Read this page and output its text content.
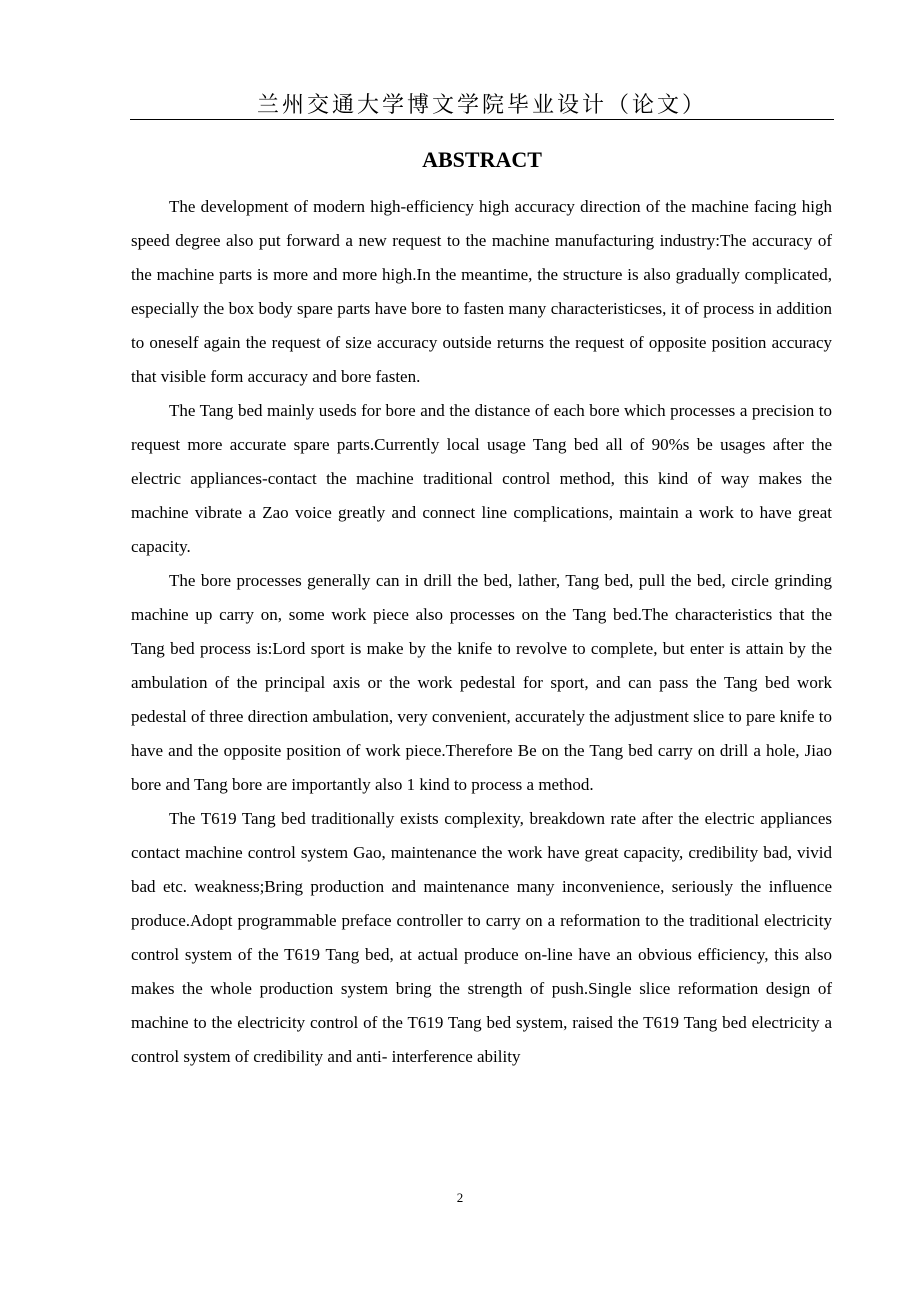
兰州交通大学博文学院毕业设计（论文）
ABSTRACT

The development of modern high-efficiency high accuracy direction of the machine facing high speed degree also put forward a new request to the machine manufacturing industry:The accuracy of the machine parts is more and more high.In the meantime, the structure is also gradually complicated, especially the box body spare parts have bore to fasten many characteristicses, it of process in addition to oneself again the request of size accuracy outside returns the request of opposite position accuracy that visible form accuracy and bore fasten.

The Tang bed mainly useds for bore and the distance of each bore which processes a precision to request more accurate spare parts.Currently local usage Tang bed all of 90%s be usages after the electric appliances-contact the machine traditional control method, this kind of way makes the machine vibrate a Zao voice greatly and connect line complications, maintain a work to have great capacity.

The bore processes generally can in drill the bed, lather, Tang bed, pull the bed, circle grinding machine up carry on, some work piece also processes on the Tang bed.The characteristics that the Tang bed process is:Lord sport is make by the knife to revolve to complete, but enter is attain by the ambulation of the principal axis or the work pedestal for sport, and can pass the Tang bed work pedestal of three direction ambulation, very convenient, accurately the adjustment slice to pare knife to have and the opposite position of work piece.Therefore Be on the Tang bed carry on drill a hole, Jiao bore and Tang bore are importantly also 1 kind to process a method.

The T619 Tang bed traditionally exists complexity, breakdown rate after the electric appliances contact machine control system Gao, maintenance the work have great capacity, credibility bad, vivid bad etc. weakness;Bring production and maintenance many inconvenience, seriously the influence produce.Adopt programmable preface controller to carry on a reformation to the traditional electricity control system of the T619 Tang bed, at actual produce on-line have an obvious efficiency, this also makes the whole production system bring the strength of push.Single slice reformation design of machine to the electricity control of the T619 Tang bed system, raised the T619 Tang bed electricity a control system of credibility and anti- interference ability

2
